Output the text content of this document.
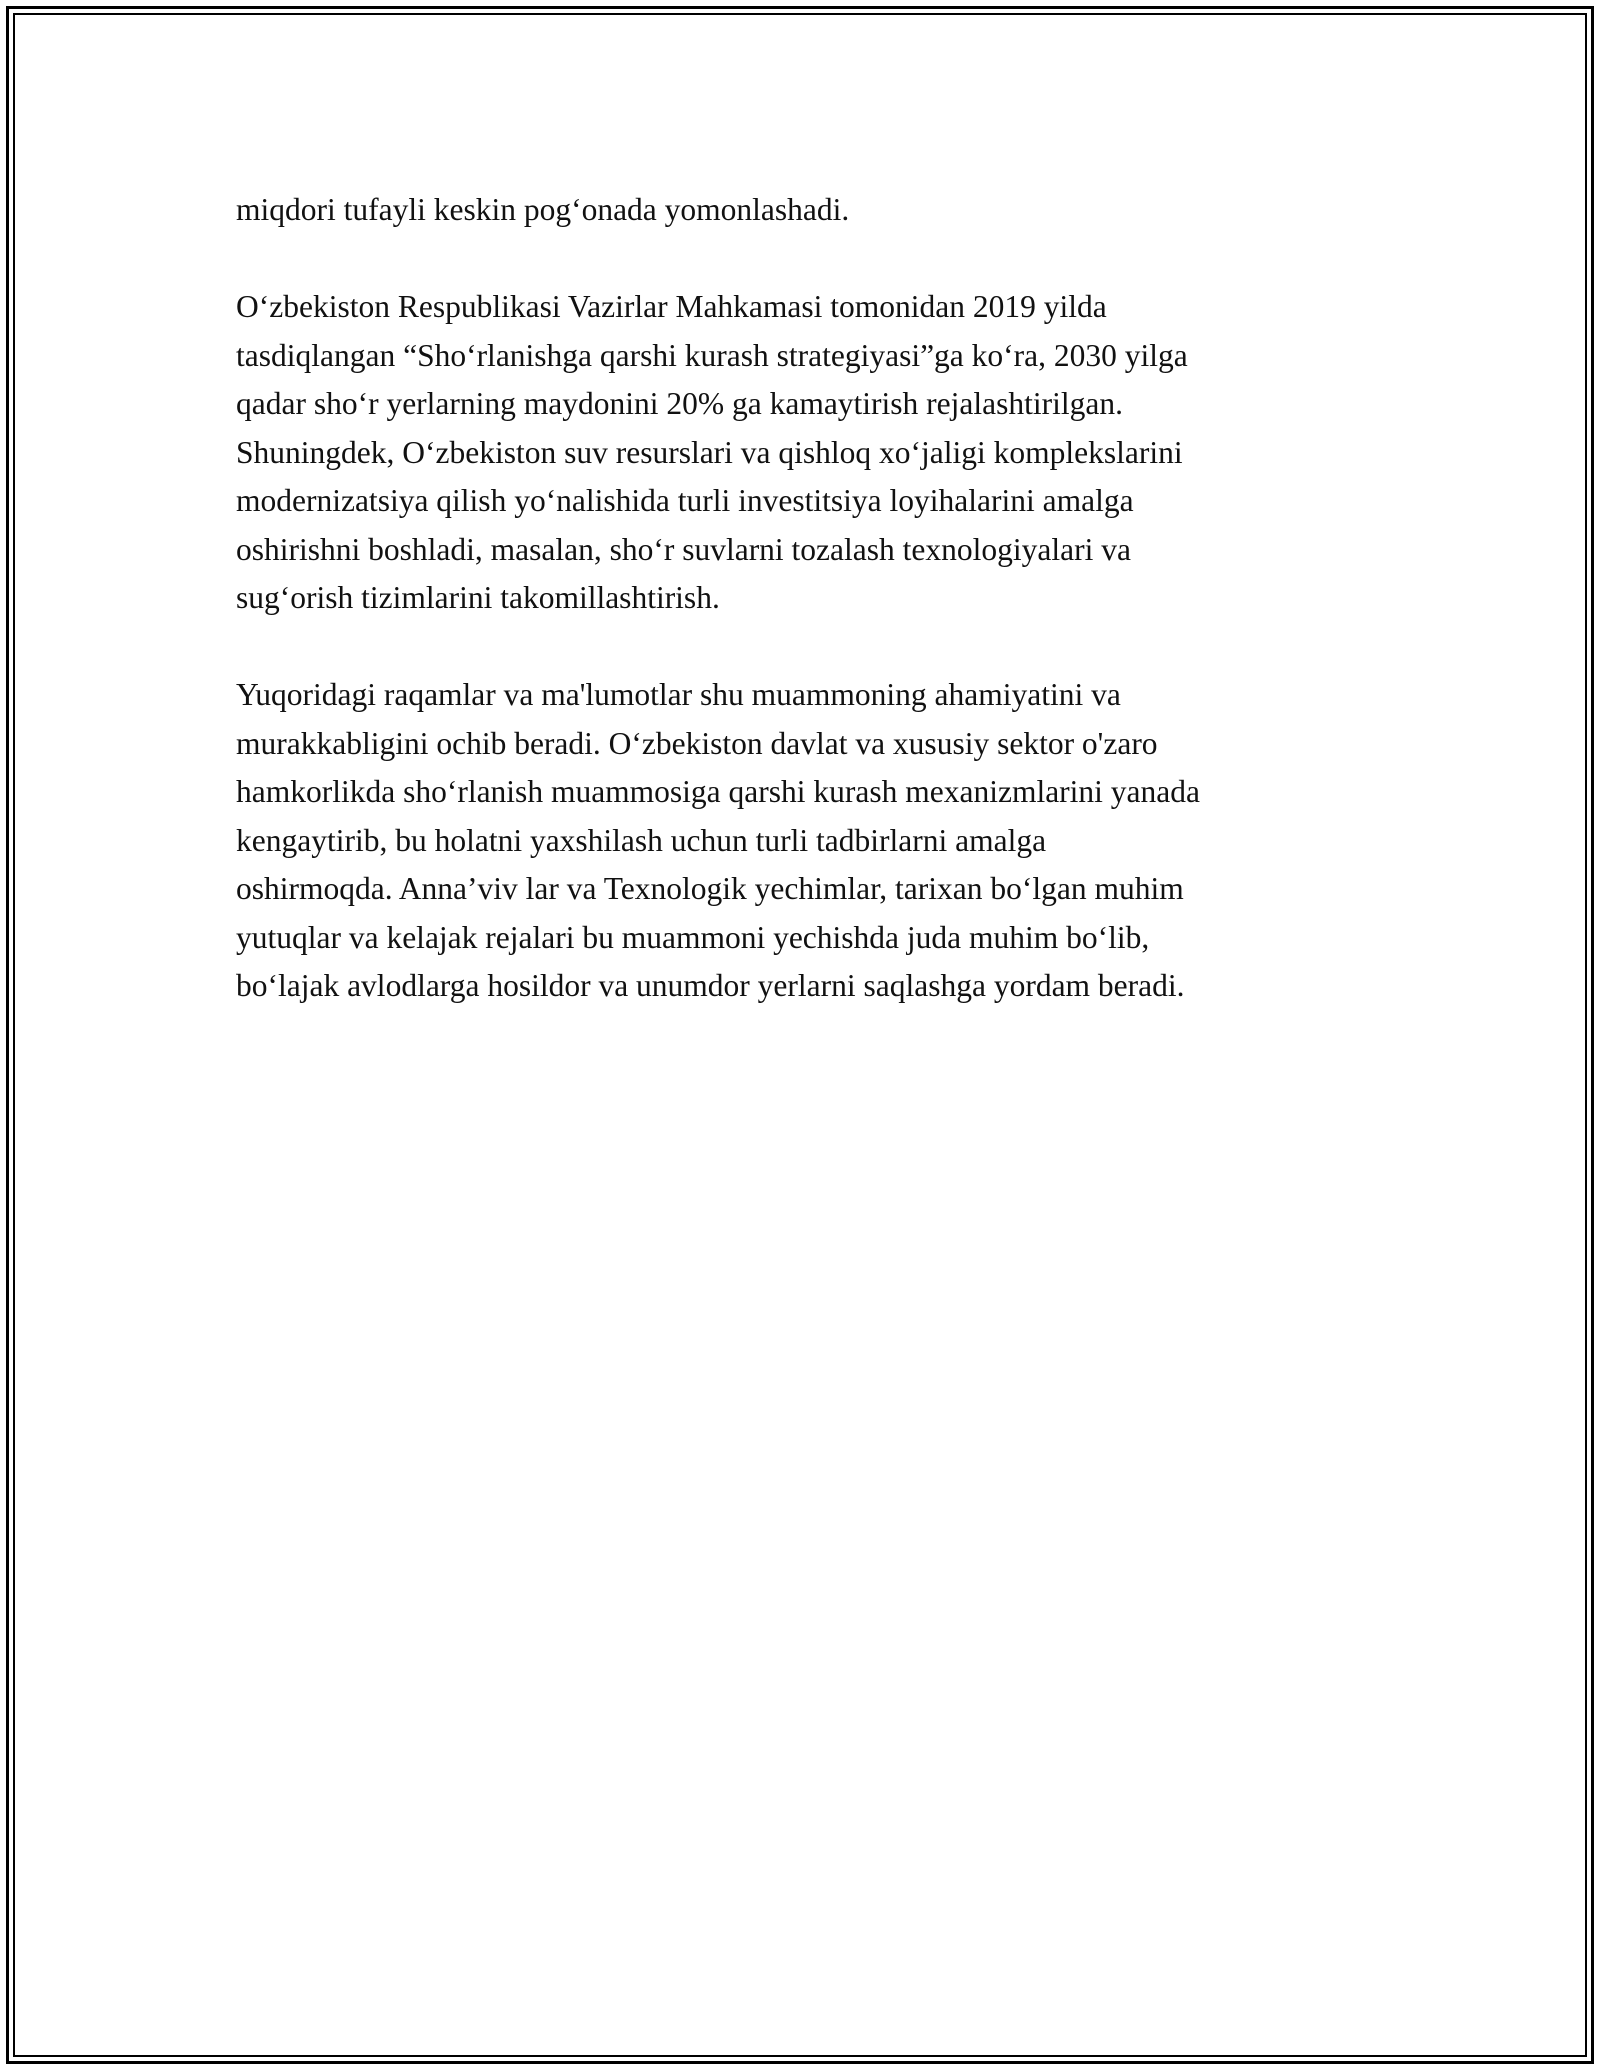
miqdori tufayli keskin pog‘onada yomonlashadi.

O‘zbekiston Respublikasi Vazirlar Mahkamasi tomonidan 2019 yilda
tasdiqlangan “Sho‘rlanishga qarshi kurash strategiyasi”ga ko‘ra, 2030 yilga
qadar sho‘r yerlarning maydonini 20% ga kamaytirish rejalashtirilgan.
Shuningdek, O‘zbekiston suv resurslari va qishloq xo‘jaligi komplekslarini
modernizatsiya qilish yo‘nalishida turli investitsiya loyihalarini amalga
oshirishni boshladi, masalan, sho‘r suvlarni tozalash texnologiyalari va
sug‘orish tizimlarini takomillashtirish.

Yuqoridagi raqamlar va ma'lumotlar shu muammoning ahamiyatini va
murakkabligini ochib beradi. O‘zbekiston davlat va xususiy sektor o'zaro
hamkorlikda sho‘rlanish muammosiga qarshi kurash mexanizmlarini yanada
kengaytirib, bu holatni yaxshilash uchun turli tadbirlarni amalga
oshirmoqda. Anna’viv lar va Texnologik yechimlar, tarixan bo‘lgan muhim
yutuqlar va kelajak rejalari bu muammoni yechishda juda muhim bo‘lib,
bo‘lajak avlodlarga hosildor va unumdor yerlarni saqlashga yordam beradi.
